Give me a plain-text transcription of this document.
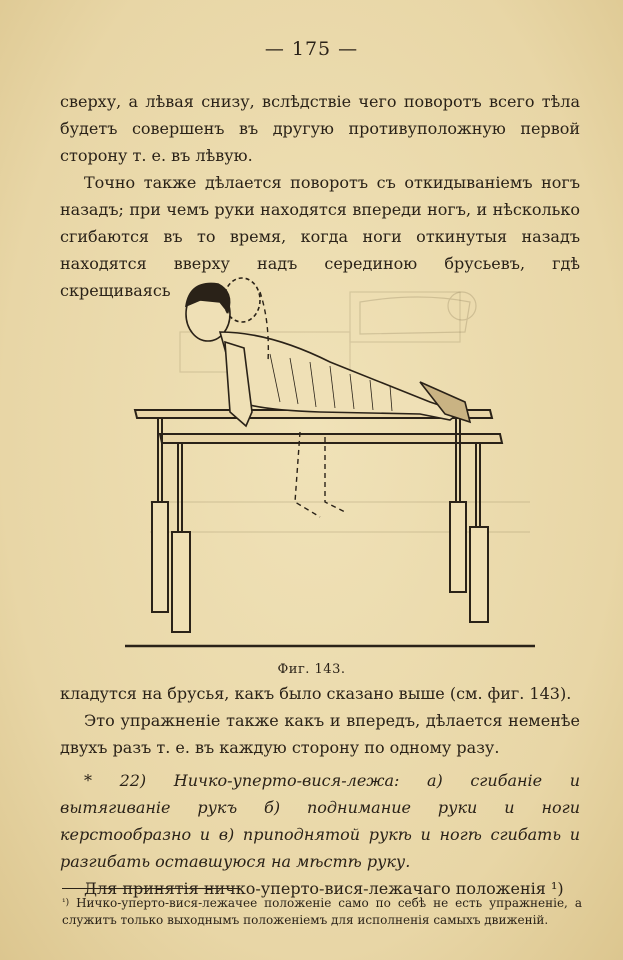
— 175 —

сверху, а лѣвая снизу, вслѣдствіе чего поворотъ всего тѣла будетъ совершенъ въ другую противуположную первой сторону т. е. въ лѣвую.

Точно также дѣлается поворотъ съ откидываніемъ ногъ назадъ; при чемъ руки находятся впереди ногъ, и нѣсколько сгибаются въ то время, когда ноги откинутыя назадъ находятся вверху надъ серединою брусьевъ, гдѣ скрещиваясь

Фиг. 143.

кладутся на брусья, какъ было сказано выше (см. фиг. 143).

Это упражненіе также какъ и впередъ, дѣлается неменѣе двухъ разъ т. е. въ каждую сторону по одному разу.

* 22) Ничко-уперто-вися-лежа: а) сгибаніе и вытягиваніе рукъ б) поднимание руки и ноги керстообразно и в) приподнятой рукѣ и ногѣ сгибать и разгибать оставшуюся на мѣстѣ руку.

Для принятія ничко-уперто-вися-лежачаго положенія ¹)

$^{^1)}$ Ничко-уперто-вися-лежачее положеніе само по себѣ не есть упражненіе, а служитъ только выходнымъ положеніемъ для исполненія самыхъ движеній.
